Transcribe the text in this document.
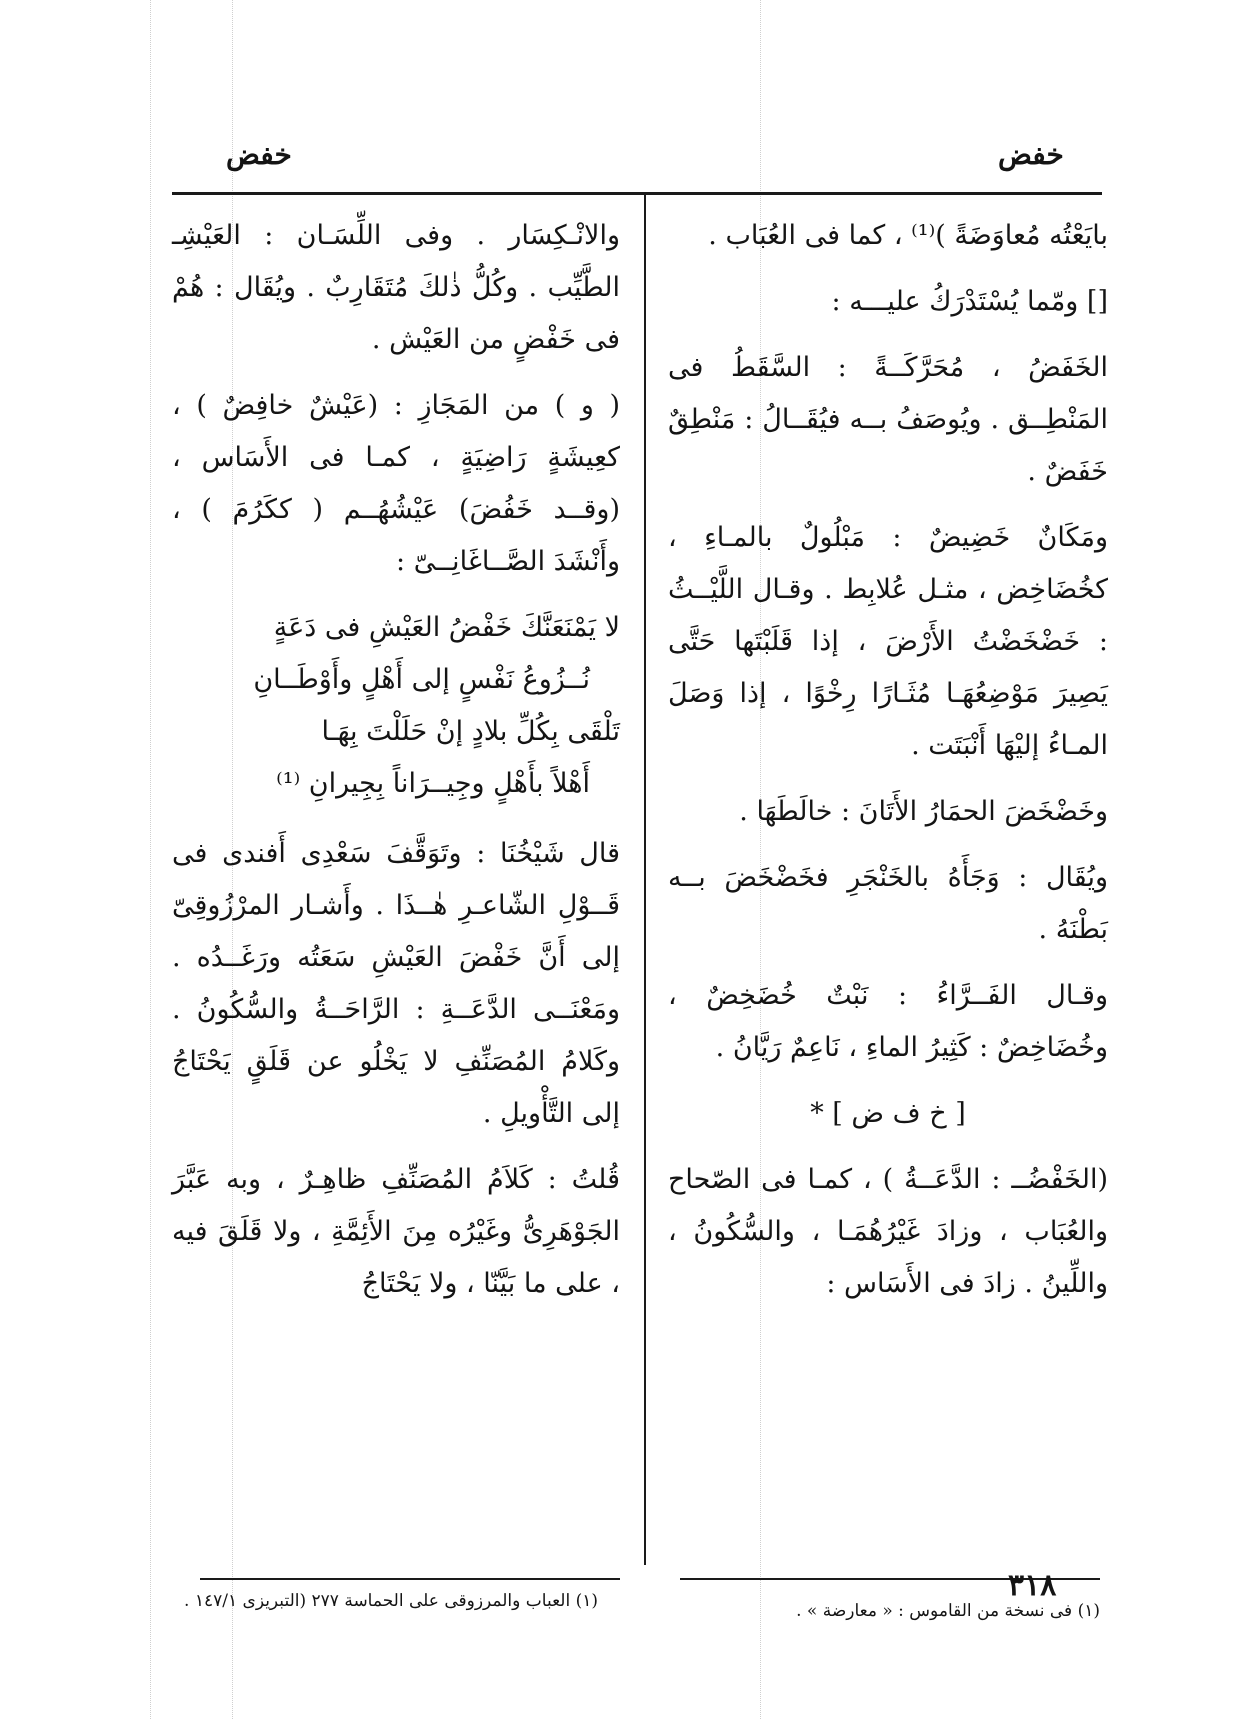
خفض	خفض

بايَعْتُه مُعاوَضَةً )⁽¹⁾ ، كما فى العُبَاب .

[] ومّما يُسْتَدْرَكُ عليـــه :

الخَفَضُ ، مُحَرَّكَــةً : السَّقَطُ فى المَنْطِــق . ويُوصَفُ بــه فيُقَــالُ : مَنْطِقٌ خَفَضٌ .

ومَكَانٌ خَضِيضٌ : مَبْلُولٌ بالمـاءِ ، كخُضَاخِض ، مثـل عُلابِط . وقـال اللَّيْــثُ : خَضْخَضْتُ الأَرْضَ ، إذا قَلَبْتَها حَتَّى يَصِيرَ مَوْضِعُهَـا مُثَـارًا رِخْوًا ، إذا وَصَلَ المـاءُ إليْهَا أَنْبَتَت .

وخَضْخَضَ الحمَارُ الأَتَانَ : خالَطَهَا .

ويُقَال : وَجَأَهُ بالخَنْجَرِ فخَضْخَضَ بــه بَطْنَهُ .

وقـال الفَــرَّاءُ : نَبْتٌ خُضَخِضٌ ، وخُضَاخِضٌ : كَثِيرُ الماءِ ، نَاعِمٌ رَيَّانُ .

[ خ ف ض ] *

(الخَفْضُــ : الدَّعَــةُ ) ، كمـا فى الصّحاح والعُبَاب ، وزادَ غَيْرُهُمَـا ، والسُّكُونُ ، واللِّينُ . زادَ فى الأَسَاس :

والانْـكِسَار . وفى اللِّسَـان : العَيْشِـ الطَّيِّب . وكُلُّ ذٰلكَ مُتَقَارِبٌ . ويُقَال : هُمْ فى خَفْضٍ من العَيْش .

( و ) من المَجَازِ : (عَيْشٌ خافِضٌ ) ، كعِيشَةٍ رَاضِيَةٍ ، كمـا فى الأَسَاس ، (وقــد خَفُضَ) عَيْشُهُــم ( ككَرُمَ ) ، وأَنْشَدَ الصَّــاغَانِــىّ :

لا يَمْنَعَنَّكَ خَفْضُ العَيْشِ فى دَعَةٍ
نُــزُوعُ نَفْسٍ إلى أَهْلٍ وأَوْطَــانِ
تَلْقَى بِكُلِّ بلادٍ إنْ حَلَلْتَ بِهَـا
أَهْلاً بأَهْلٍ وجِيــرَاناً بِجِيرانِ ⁽¹⁾

قال شَيْخُنَا : وتَوَقَّفَ سَعْدِى أَفندى فى قَــوْلِ الشّاعـرِ هٰــذَا . وأَشـار المرْزُوقِىّ إلى أَنَّ خَفْضَ العَيْشِ سَعَتُه ورَغَــدُه . ومَعْنَــى الدَّعَــةِ : الرَّاحَــةُ والسُّكُونُ . وكَلامُ المُصَنِّفِ لا يَخْلُو عن قَلَقٍ يَحْتَاجُ إلى التَّأْويلِ .

قُلتُ : كَلاَمُ المُصَنِّفِ ظاهِـرٌ ، وبه عَبَّرَ الجَوْهَرِىُّ وغَيْرُه مِنَ الأَئِمَّةِ ، ولا قَلَقَ فيه ، على ما بَيَّنّا ، ولا يَحْتَاجُ

(١) العباب والمرزوقى على الحماسة ٢٧٧ (التبريزى ١٤٧/١ .	(١) فى نسخة من القاموس : « معارضة » .
٣١٨
